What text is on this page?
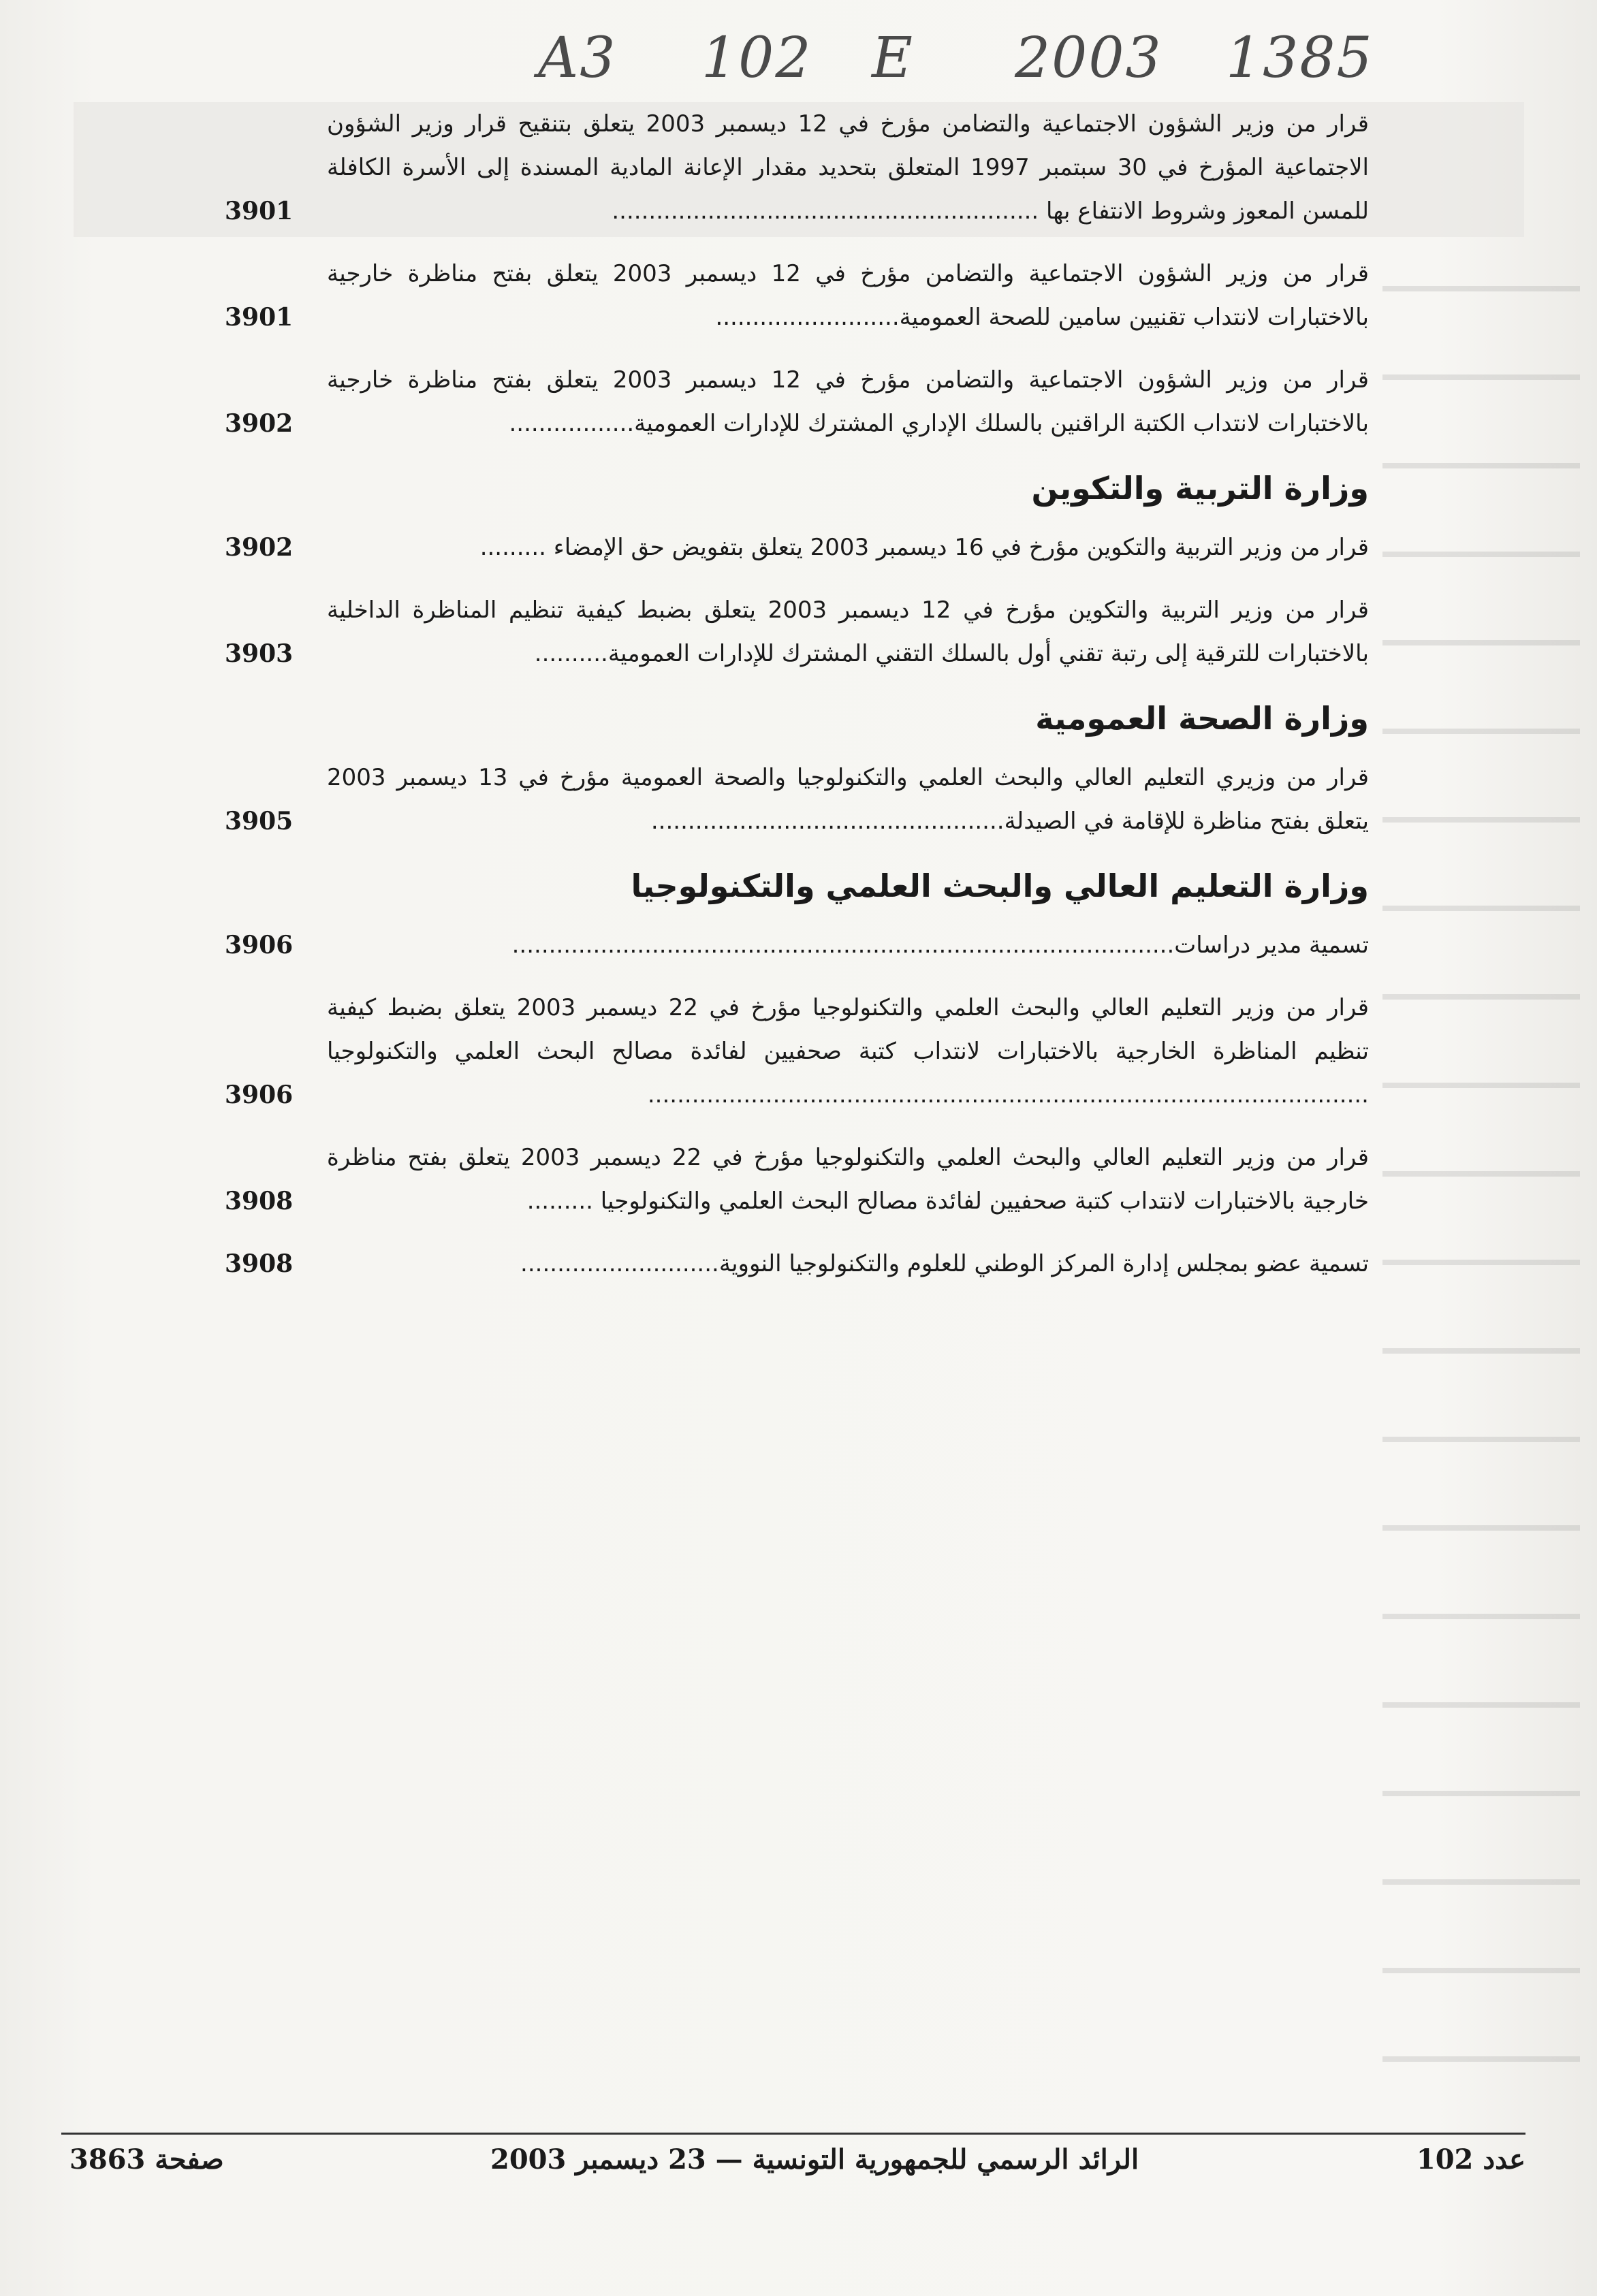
A3 102 E 2003 1385
قرار من وزير الشؤون الاجتماعية والتضامن مؤرخ في 12 ديسمبر 2003 يتعلق بتنقيح قرار وزير الشؤون الاجتماعية المؤرخ في 30 سبتمبر 1997 المتعلق بتحديد مقدار الإعانة المادية المسندة إلى الأسرة الكافلة للمسن المعوز وشروط الانتفاع بها ..........................................................
3901
قرار من وزير الشؤون الاجتماعية والتضامن مؤرخ في 12 ديسمبر 2003 يتعلق بفتح مناظرة خارجية بالاختبارات لانتداب تقنيين سامين للصحة العمومية.........................
3901
قرار من وزير الشؤون الاجتماعية والتضامن مؤرخ في 12 ديسمبر 2003 يتعلق بفتح مناظرة خارجية بالاختبارات لانتداب الكتبة الراقنين بالسلك الإداري المشترك للإدارات العمومية.................
3902
وزارة التربية والتكوين
قرار من وزير التربية والتكوين مؤرخ في 16 ديسمبر 2003 يتعلق بتفويض حق الإمضاء .........
3902
قرار من وزير التربية والتكوين مؤرخ في 12 ديسمبر 2003 يتعلق بضبط كيفية تنظيم المناظرة الداخلية بالاختبارات للترقية إلى رتبة تقني أول بالسلك التقني المشترك للإدارات العمومية..........
3903
وزارة الصحة العمومية
قرار من وزيري التعليم العالي والبحث العلمي والتكنولوجيا والصحة العمومية مؤرخ في 13 ديسمبر 2003 يتعلق بفتح مناظرة للإقامة في الصيدلة................................................
3905
وزارة التعليم العالي والبحث العلمي والتكنولوجيا
تسمية مدير دراسات..........................................................................................
3906
قرار من وزير التعليم العالي والبحث العلمي والتكنولوجيا مؤرخ في 22 ديسمبر 2003 يتعلق بضبط كيفية تنظيم المناظرة الخارجية بالاختبارات لانتداب كتبة صحفيين لفائدة مصالح البحث العلمي والتكنولوجيا ..................................................................................................
3906
قرار من وزير التعليم العالي والبحث العلمي والتكنولوجيا مؤرخ في 22 ديسمبر 2003 يتعلق بفتح مناظرة خارجية بالاختبارات لانتداب كتبة صحفيين لفائدة مصالح البحث العلمي والتكنولوجيا .........
3908
تسمية عضو بمجلس إدارة المركز الوطني للعلوم والتكنولوجيا النووية...........................
3908
صفحة 3863	الرائد الرسمي للجمهورية التونسية — 23 ديسمبر 2003	عدد 102
